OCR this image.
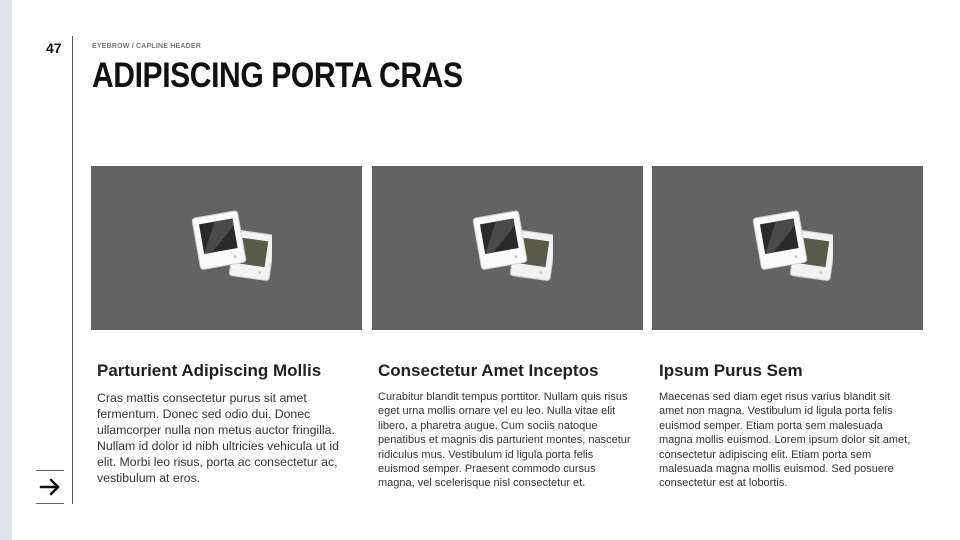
47	EYEBROW / CAPLINE HEADER
ADIPISCING PORTA CRAS
Parturient Adipiscing Mollis	Consectetur Amet Inceptos	Ipsum Purus Sem
Cras mattis consectetur purus sit amet fermentum. Donec sed odio dui. Donec ullamcorper nulla non metus auctor fringilla. Nullam id dolor id nibh ultricies vehicula ut id elit. Morbi leo risus, porta ac consectetur ac, vestibulum at eros.
Curabitur blandit tempus porttitor. Nullam quis risus eget urna mollis ornare vel eu leo. Nulla vitae elit libero, a pharetra augue. Cum sociis natoque penatibus et magnis dis parturient montes, nascetur ridiculus mus. Vestibulum id ligula porta felis euismod semper. Praesent commodo cursus magna, vel scelerisque nisl consectetur et.
Maecenas sed diam eget risus varius blandit sit amet non magna. Vestibulum id ligula porta felis euismod semper. Etiam porta sem malesuada magna mollis euismod. Lorem ipsum dolor sit amet, consectetur adipiscing elit. Etiam porta sem malesuada magna mollis euismod. Sed posuere consectetur est at lobortis.
